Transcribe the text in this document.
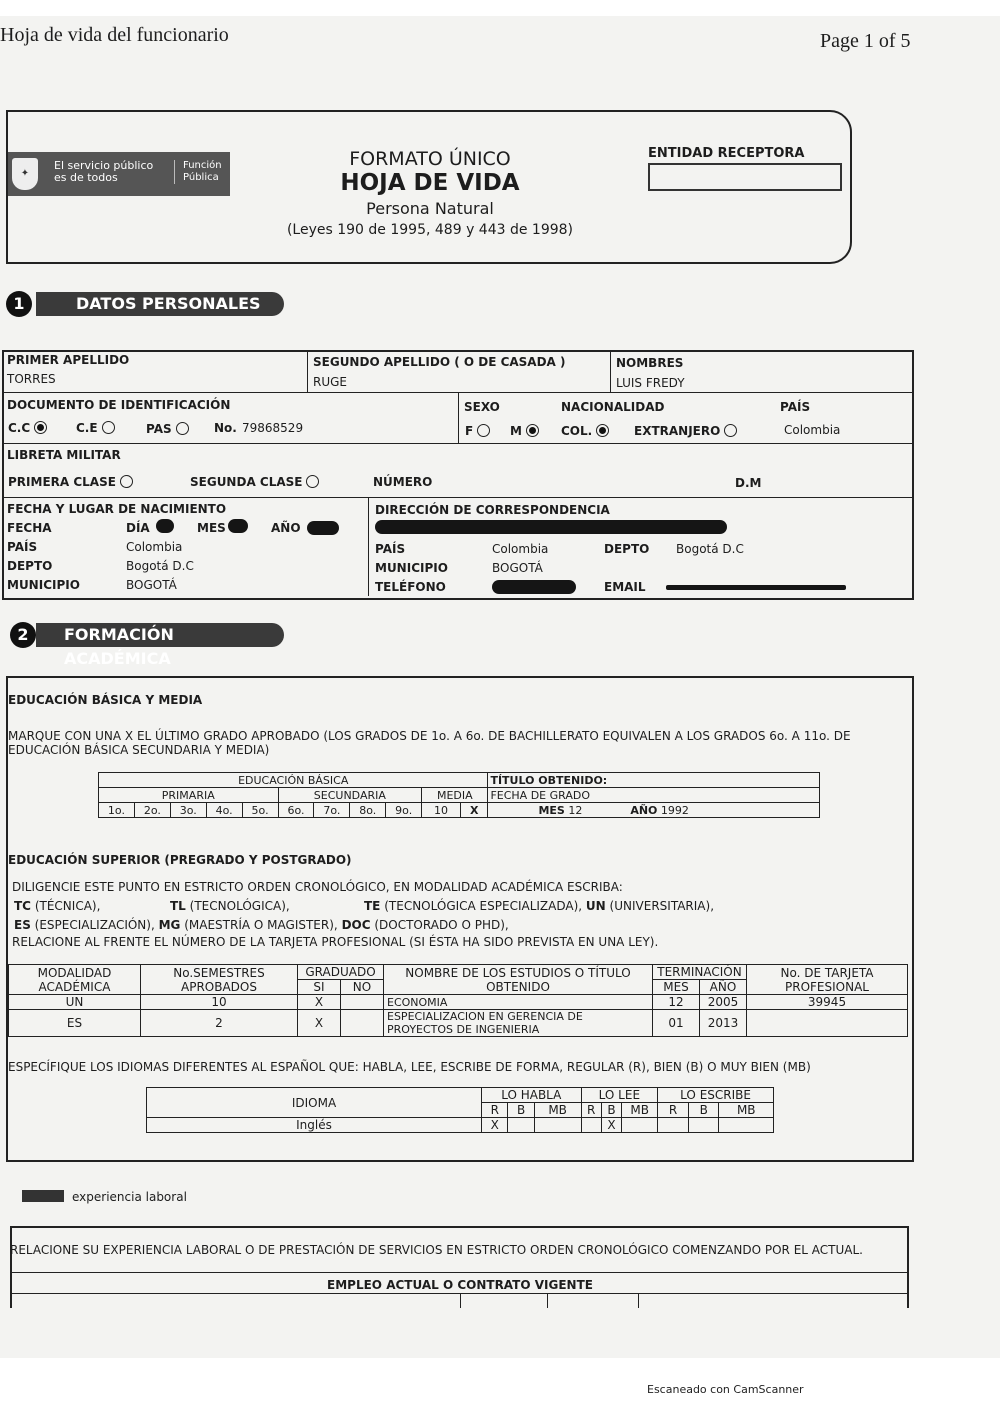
Hoja de vida del funcionario	Page 1 of 5
✦
El servicio público es de todos
Función Pública
FORMATO ÚNICO
HOJA DE VIDA
Persona Natural
(Leyes 190 de 1995, 489 y 443 de 1998)
ENTIDAD RECEPTORA
DATOS PERSONALES
1
PRIMER APELLIDO
TORRES
SEGUNDO APELLIDO ( O DE CASADA )
RUGE
NOMBRES
LUIS FREDY
DOCUMENTO DE IDENTIFICACIÓN
C.C	C.E	PAS	No. 79868529
SEXO	NACIONALIDAD	PAÍS
F	M	COL.	EXTRANJERO	Colombia
LIBRETA MILITAR
PRIMERA CLASE	SEGUNDA CLASE	NÚMERO	D.M
FECHA Y LUGAR DE NACIMIENTO
FECHA	DÍA	MES	AÑO
PAÍS	Colombia
DEPTO	Bogotá D.C
MUNICIPIO	BOGOTÁ
DIRECCIÓN DE CORRESPONDENCIA
PAÍS	Colombia	DEPTO Bogotá D.C
MUNICIPIO	BOGOTÁ
TELÉFONO	EMAIL
FORMACIÓN ACADÉMICA
2
EDUCACIÓN BÁSICA Y MEDIA
MARQUE CON UNA X EL ÚLTIMO GRADO APROBADO (LOS GRADOS DE 1o. A 6o. DE BACHILLERATO EQUIVALEN A LOS GRADOS 6o. A 11o. DE EDUCACIÓN BÁSICA SECUNDARIA Y MEDIA)
EDUCACIÓN BÁSICA											TÍTULO OBTENIDO:
PRIMARIA					SECUNDARIA				MEDIA		FECHA DE GRADO
1o.	2o.	3o.	4o.	5o.	6o.	7o.	8o.	9o.	10	X	MES 12 AÑO 1992
EDUCACIÓN SUPERIOR (PREGRADO Y POSTGRADO)
DILIGENCIE ESTE PUNTO EN ESTRICTO ORDEN CRONOLÓGICO, EN MODALIDAD ACADÉMICA ESCRIBA:
TC (TÉCNICA),	TL (TECNOLÓGICA),	TE (TECNOLÓGICA ESPECIALIZADA), UN (UNIVERSITARIA),
ES (ESPECIALIZACIÓN), MG (MAESTRÍA O MAGISTER), DOC (DOCTORADO O PHD),
RELACIONE AL FRENTE EL NÚMERO DE LA TARJETA PROFESIONAL (SI ÉSTA HA SIDO PREVISTA EN UNA LEY).
MODALIDAD ACADÉMICA	No.SEMESTRES APROBADOS	GRADUADO		NOMBRE DE LOS ESTUDIOS O TÍTULO OBTENIDO	TERMINACIÓN		No. DE TARJETA PROFESIONAL
		SI	NO		MES	AÑO	
UN	10	X		ECONOMIA	12	2005	39945
ES	2	X		ESPECIALIZACION EN GERENCIA DE PROYECTOS DE INGENIERIA	01	2013	
ESPECÍFIQUE LOS IDIOMAS DIFERENTES AL ESPAÑOL QUE: HABLA, LEE, ESCRIBE DE FORMA, REGULAR (R), BIEN (B) O MUY BIEN (MB)
IDIOMA	LO HABLA			LO LEE			LO ESCRIBE		
	R	B	MB	R	B	MB	R	B	MB
Inglés	X				X				
experiencia laboral
RELACIONE SU EXPERIENCIA LABORAL O DE PRESTACIÓN DE SERVICIOS EN ESTRICTO ORDEN CRONOLÓGICO COMENZANDO POR EL ACTUAL.
EMPLEO ACTUAL O CONTRATO VIGENTE
Escaneado con CamScanner
